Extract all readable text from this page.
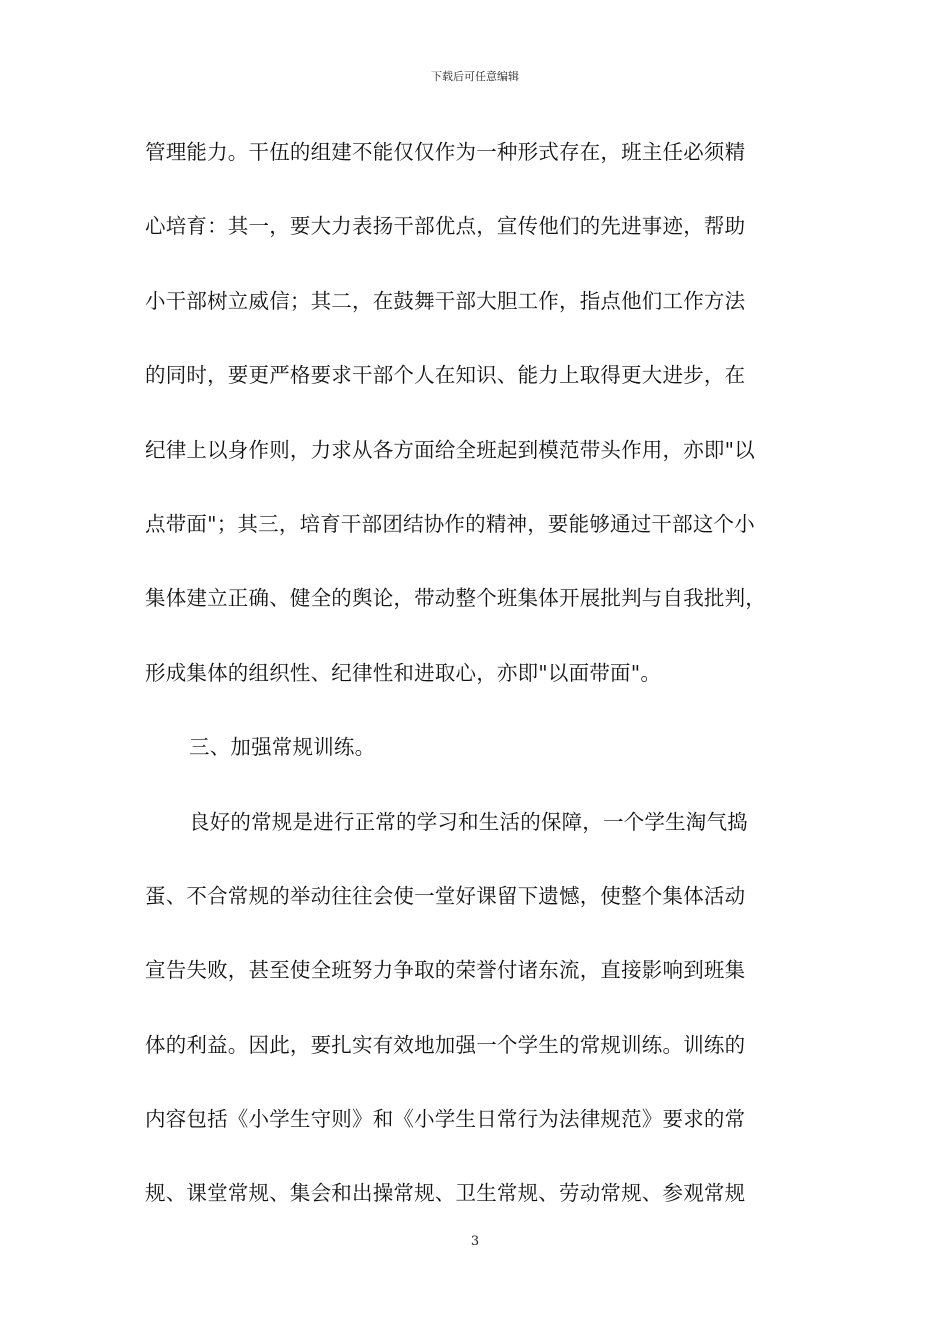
下载后可任意编辑
管理能力。干伍的组建不能仅仅作为一种形式存在，班主任必须精
心培育：其一，要大力表扬干部优点，宣传他们的先进事迹，帮助
小干部树立威信；其二，在鼓舞干部大胆工作，指点他们工作方法
的同时，要更严格要求干部个人在知识、能力上取得更大进步，在
纪律上以身作则，力求从各方面给全班起到模范带头作用，亦即"以
点带面"；其三，培育干部团结协作的精神，要能够通过干部这个小
集体建立正确、健全的舆论，带动整个班集体开展批判与自我批判，
形成集体的组织性、纪律性和进取心，亦即"以面带面"。
三、加强常规训练。
良好的常规是进行正常的学习和生活的保障，一个学生淘气捣
蛋、不合常规的举动往往会使一堂好课留下遗憾，使整个集体活动
宣告失败，甚至使全班努力争取的荣誉付诸东流，直接影响到班集
体的利益。因此，要扎实有效地加强一个学生的常规训练。训练的
内容包括《小学生守则》和《小学生日常行为法律规范》要求的常
规、课堂常规、集会和出操常规、卫生常规、劳动常规、参观常规
3
